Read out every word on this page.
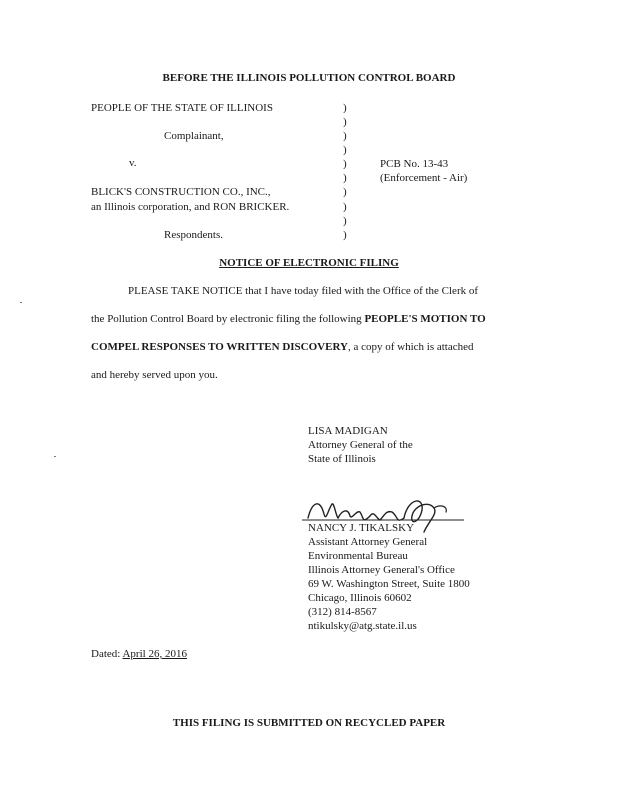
BEFORE THE ILLINOIS POLLUTION CONTROL BOARD
PEOPLE OF THE STATE OF ILLINOIS
Complainant,
v.
BLICK'S CONSTRUCTION CO., INC.,
an Illinois corporation, and RON BRICKER.
Respondents.
)
)
)
)
)
)
)
)
)
)
PCB No. 13-43
(Enforcement - Air)
NOTICE OF ELECTRONIC FILING
PLEASE TAKE NOTICE that I have today filed with the Office of the Clerk of
the Pollution Control Board by electronic filing the following PEOPLE'S MOTION TO
COMPEL RESPONSES TO WRITTEN DISCOVERY, a copy of which is attached
and hereby served upon you.
LISA MADIGAN
Attorney General of the
State of Illinois
NANCY J. TIKALSKY
Assistant Attorney General
Environmental Bureau
Illinois Attorney General's Office
69 W. Washington Street, Suite 1800
Chicago, Illinois 60602
(312) 814-8567
ntikulsky@atg.state.il.us
Dated: April 26, 2016
THIS FILING IS SUBMITTED ON RECYCLED PAPER
